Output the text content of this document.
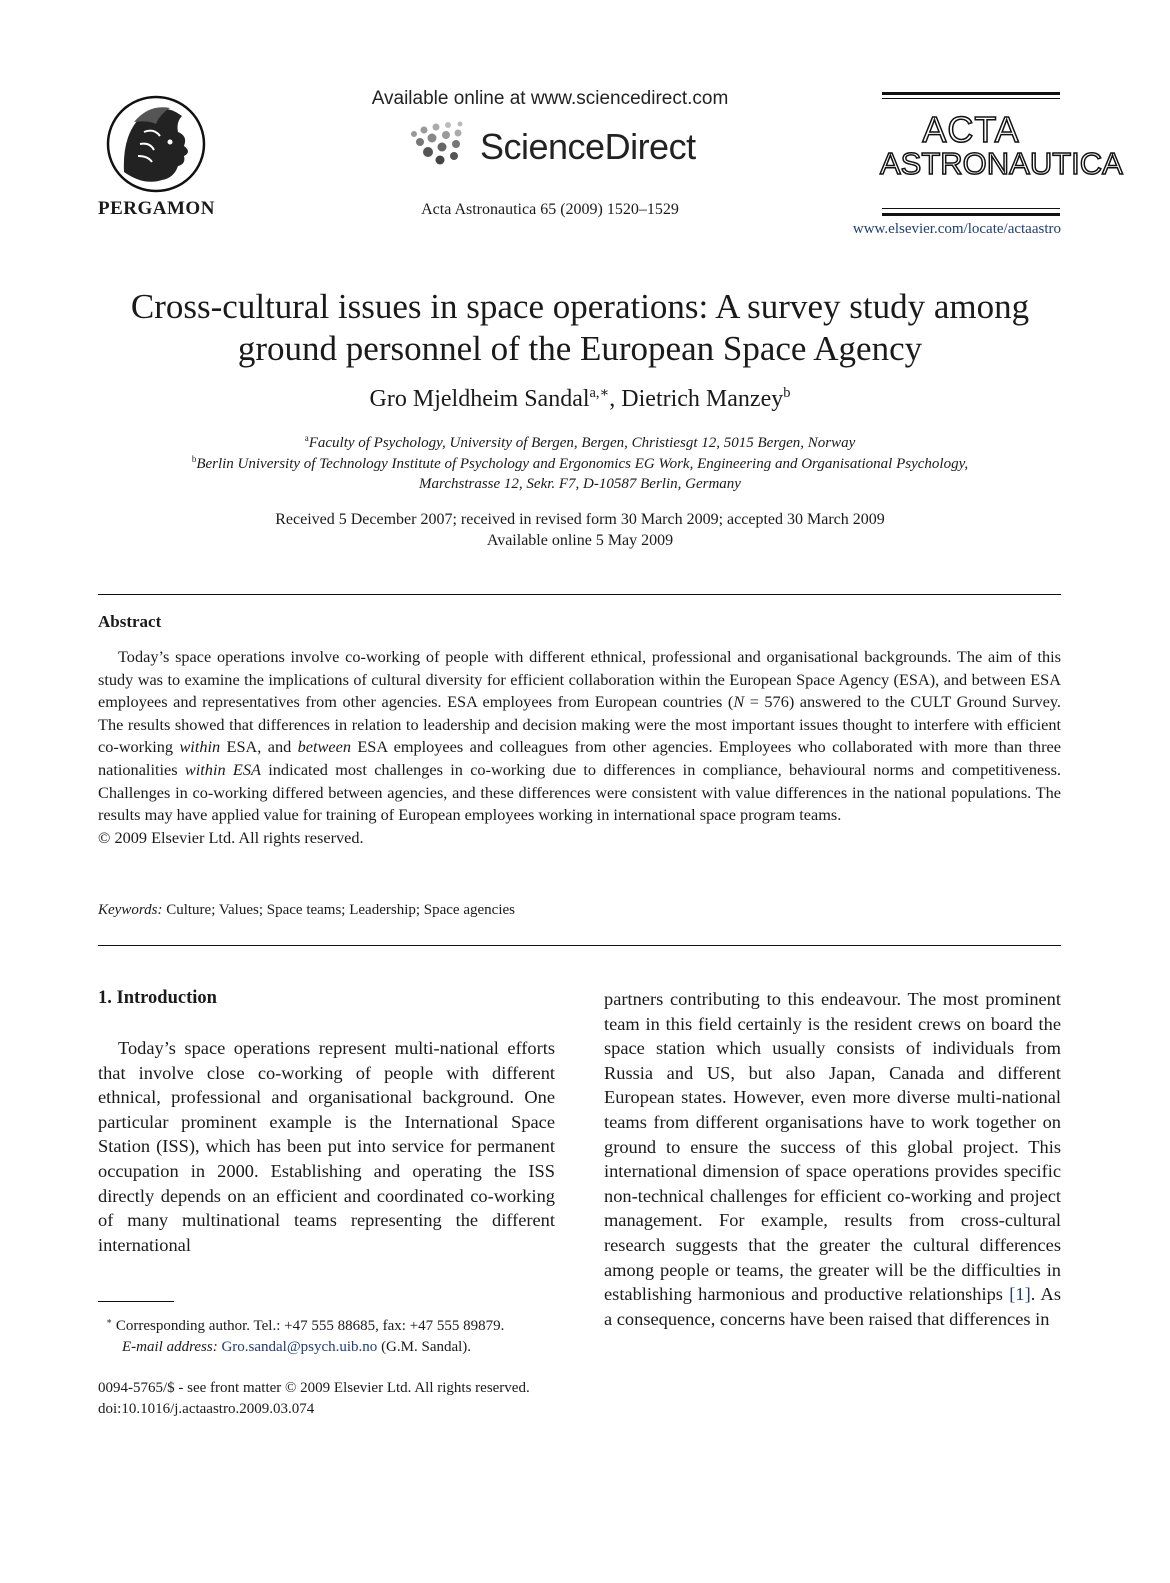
PERGAMON
Available online at www.sciencedirect.com
ScienceDirect
Acta Astronautica 65 (2009) 1520–1529
ACTA
ASTRONAUTICA
www.elsevier.com/locate/actaastro
Cross-cultural issues in space operations: A survey study among
ground personnel of the European Space Agency
Gro Mjeldheim Sandal$^{a,∗}$, Dietrich Manzey$^b$
$^a$Faculty of Psychology, University of Bergen, Bergen, Christiesgt 12, 5015 Bergen, Norway
$^b$Berlin University of Technology Institute of Psychology and Ergonomics EG Work, Engineering and Organisational Psychology,
Marchstrasse 12, Sekr. F7, D-10587 Berlin, Germany
Received 5 December 2007; received in revised form 30 March 2009; accepted 30 March 2009
Available online 5 May 2009
Abstract
Today’s space operations involve co-working of people with different ethnical, professional and organisational backgrounds. The aim of this study was to examine the implications of cultural diversity for efficient collaboration within the European Space Agency (ESA), and between ESA employees and representatives from other agencies. ESA employees from European countries (N = 576) answered to the CULT Ground Survey. The results showed that differences in relation to leadership and decision making were the most important issues thought to interfere with efficient co-working within ESA, and between ESA employees and colleagues from other agencies. Employees who collaborated with more than three nationalities within ESA indicated most challenges in co-working due to differences in compliance, behavioural norms and competitiveness. Challenges in co-working differed between agencies, and these differences were consistent with value differences in the national populations. The results may have applied value for training of European employees working in international space program teams.
© 2009 Elsevier Ltd. All rights reserved.
Keywords: Culture; Values; Space teams; Leadership; Space agencies
1. Introduction
Today’s space operations represent multi-national efforts that involve close co-working of people with different ethnical, professional and organisational background. One particular prominent example is the International Space Station (ISS), which has been put into service for permanent occupation in 2000. Establishing and operating the ISS directly depends on an efficient and coordinated co-working of many multinational teams representing the different international
partners contributing to this endeavour. The most prominent team in this field certainly is the resident crews on board the space station which usually consists of individuals from Russia and US, but also Japan, Canada and different European states. However, even more diverse multi-national teams from different organisations have to work together on ground to ensure the success of this global project. This international dimension of space operations provides specific non-technical challenges for efficient co-working and project management. For example, results from cross-cultural research suggests that the greater the cultural differences among people or teams, the greater will be the difficulties in establishing harmonious and productive relationships [1]. As a consequence, concerns have been raised that differences in
∗ Corresponding author. Tel.: +47 555 88685, fax: +47 555 89879.
E-mail address: Gro.sandal@psych.uib.no (G.M. Sandal).
0094-5765/$ - see front matter © 2009 Elsevier Ltd. All rights reserved.
doi:10.1016/j.actaastro.2009.03.074
